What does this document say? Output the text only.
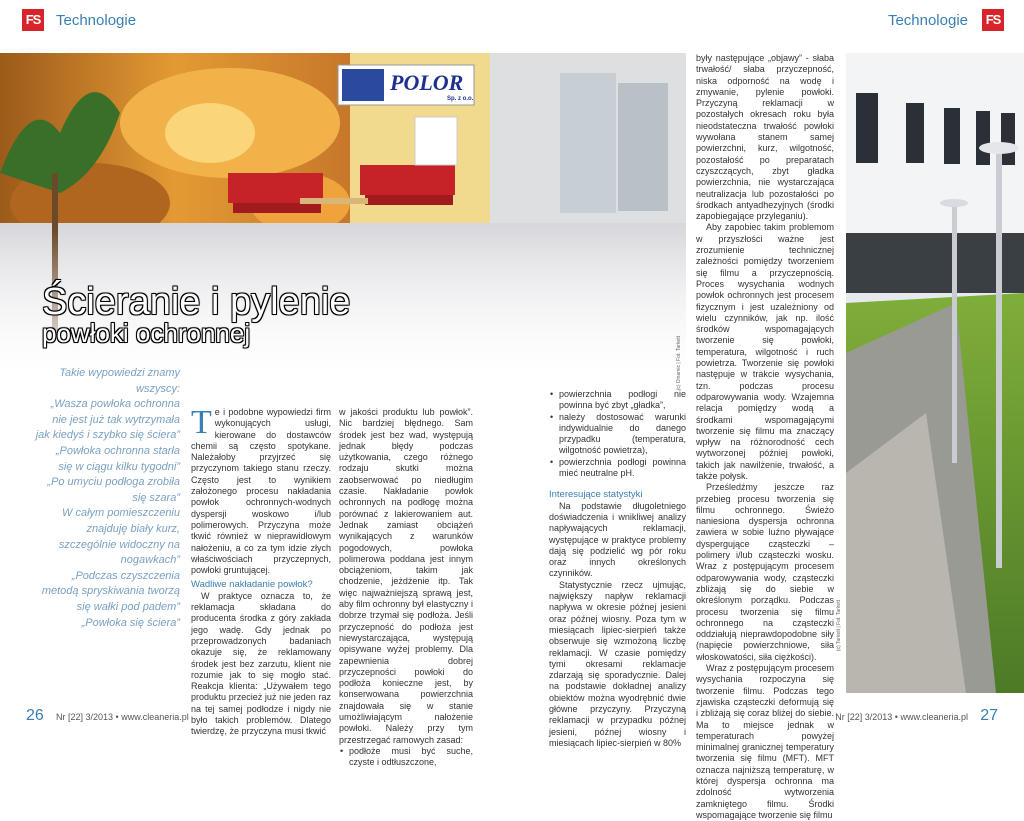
FS Technologie	Technologie FS
POLOR
Sp. z o.o.
(c) Dinamic | Fot. Tarkett
Ścieranie i pylenie
powłoki ochronnej
Takie wypowiedzi znamy
wszyscy:
„Wasza powłoka ochronna
nie jest już tak wytrzymała
jak kiedyś i szybko się ściera”
„Powłoka ochronna starła
się w ciągu kilku tygodni”
„Po umyciu podłoga zrobiła
się szara”
W całym pomieszczeniu
znajduję biały kurz,
szczególnie widoczny na
nogawkach”
„Podczas czyszczenia
metodą spryskiwania tworzą
się wałki pod padem”
„Powłoka się ściera”
T e i podobne wypowiedzi firm wykonujących usługi, kierowane do dostawców chemii są często spotykane. Należałoby przyjrzeć się przyczynom takiego stanu rzeczy. Często jest to wynikiem założonego procesu nakładania powłok ochronnych-wodnych dyspersji woskowo i/lub polimerowych. Przyczyna może tkwić również w nieprawidłowym nałożeniu, a co za tym idzie złych właściwościach przyczepnych, powłoki gruntującej.

Wadliwe nakładanie powłok?

W praktyce oznacza to, że reklamacja składana do producenta środka z góry zakłada jego wadę. Gdy jednak po przeprowadzonych badaniach okazuje się, że reklamowany środek jest bez zarzutu, klient nie rozumie jak to się mogło stać. Reakcja klienta: „Używałem tego produktu przecież już nie jeden raz na tej samej podłodze i nigdy nie było takich problemów. Dlatego twierdzę, że przyczyna musi tkwić

w jakości produktu lub powłok”. Nic bardziej błędnego. Sam środek jest bez wad, występują jednak błędy podczas użytkowania, czego różnego rodzaju skutki można zaobserwować po niedługim czasie. Nakładanie powłok ochronnych na podłogę można porównać z lakierowaniem aut. Jednak zamiast obciążeń wynikających z warunków pogodowych, powłoka polimerowa poddana jest innym obciążeniom, takim jak chodzenie, jeżdżenie itp. Tak więc najważniejszą sprawą jest, aby film ochronny był elastyczny i dobrze trzymał się podłoża. Jeśli przyczepność do podłoża jest niewystarczająca, występują opisywane wyżej problemy. Dla zapewnienia dobrej przyczepności powłoki do podłoża konieczne jest, by konserwowana powierzchnia znajdowała się w stanie umożliwiającym nałożenie powłoki. Należy przy tym przestrzegać ramowych zasad:

• podłoże musi być suche, czyste i odtłuszczone,
• powierzchnia podłogi nie powinna być zbyt „gładka”,
• należy dostosować warunki indywidualnie do danego przypadku (temperatura, wilgotność powietrza),
• powierzchnia podłogi powinna mieć neutralne pH.
Interesujące statystyki

Na podstawie długoletniego doświadczenia i wnikliwej analizy napływających reklamacji, występujące w praktyce problemy dają się podzielić wg pór roku oraz innych określonych czynników.

Statystycznie rzecz ujmując, największy napływ reklamacji napływa w okresie późnej jesieni oraz późnej wiosny. Poza tym w miesiącach lipiec-sierpień także obserwuje się wzmożoną liczbę reklamacji. W czasie pomiędzy tymi okresami reklamacje zdarzają się sporadycznie. Dalej na podstawie dokładnej analizy obiektów można wyodrębnić dwie główne przyczyny. Przyczyną reklamacji w przypadku późnej jesieni, późnej wiosny i miesiącach lipiec-sierpień w 80%

były następujące „objawy” - słaba trwałość/ słaba przyczepność, niska odporność na wodę i zmywanie, pylenie powłoki. Przyczyną reklamacji w pozostałych okresach roku była nieodstateczna trwałość powłoki wywołana stanem samej powierzchni, kurz, wilgotność, pozostałość po preparatach czyszczących, zbyt gładka powierzchnia, nie wystarczająca neutralizacja lub pozostałości po środkach antyadhezyjnych (środki zapobiegające przyleganiu).

Aby zapobiec takim problemom w przyszłości ważne jest zrozumienie technicznej zależności pomiędzy tworzeniem się filmu a przyczepnością. Proces wysychania wodnych powłok ochronnych jest procesem fizycznym i jest uzależniony od wielu czynników, jak np. ilość środków wspomagających tworzenie się powłoki, temperatura, wilgotność i ruch powietrza. Tworzenie się powłoki następuje w trakcie wysychania, tzn. podczas procesu odparowywania wody. Wzajemna relacja pomiędzy wodą a środkami wspomagającymi tworzenie się filmu ma znaczący wpływ na różnorodność cech wytworzonej później powłoki, takich jak nawilżenie, trwałość, a także połysk.

Prześledźmy jeszcze raz przebieg procesu tworzenia się filmu ochronnego. Świeżo naniesiona dyspersja ochronna zawiera w sobie luźno pływające dyspergujące cząsteczki – polimery i/lub cząsteczki wosku. Wraz z postępującym procesem odparowywania wody, cząsteczki zbliżają się do siebie w określonym porządku. Podczas procesu tworzenia się filmu ochronnego na cząsteczki oddziałują nieprawdopodobne siły (napięcie powierzchniowe, siła włoskowatości, siła ciężkości).

Wraz z postępującym procesem wysychania rozpoczyna się tworzenie filmu. Podczas tego zjawiska cząsteczki deformują się i zbliżają się coraz bliżej do siebie. Ma to miejsce jednak w temperaturach powyżej minimalnej granicznej temperatury tworzenia się filmu (MFT). MFT oznacza najniższą temperaturę, w której dyspersja ochronna ma zdolność wytworzenia zamkniętego filmu. Środki wspomagające tworzenie się filmu

(c) Tarkett | Fot. Tarkett
26 Nr [22] 3/2013 • www.cleaneria.pl	Nr [22] 3/2013 • www.cleaneria.pl 27
